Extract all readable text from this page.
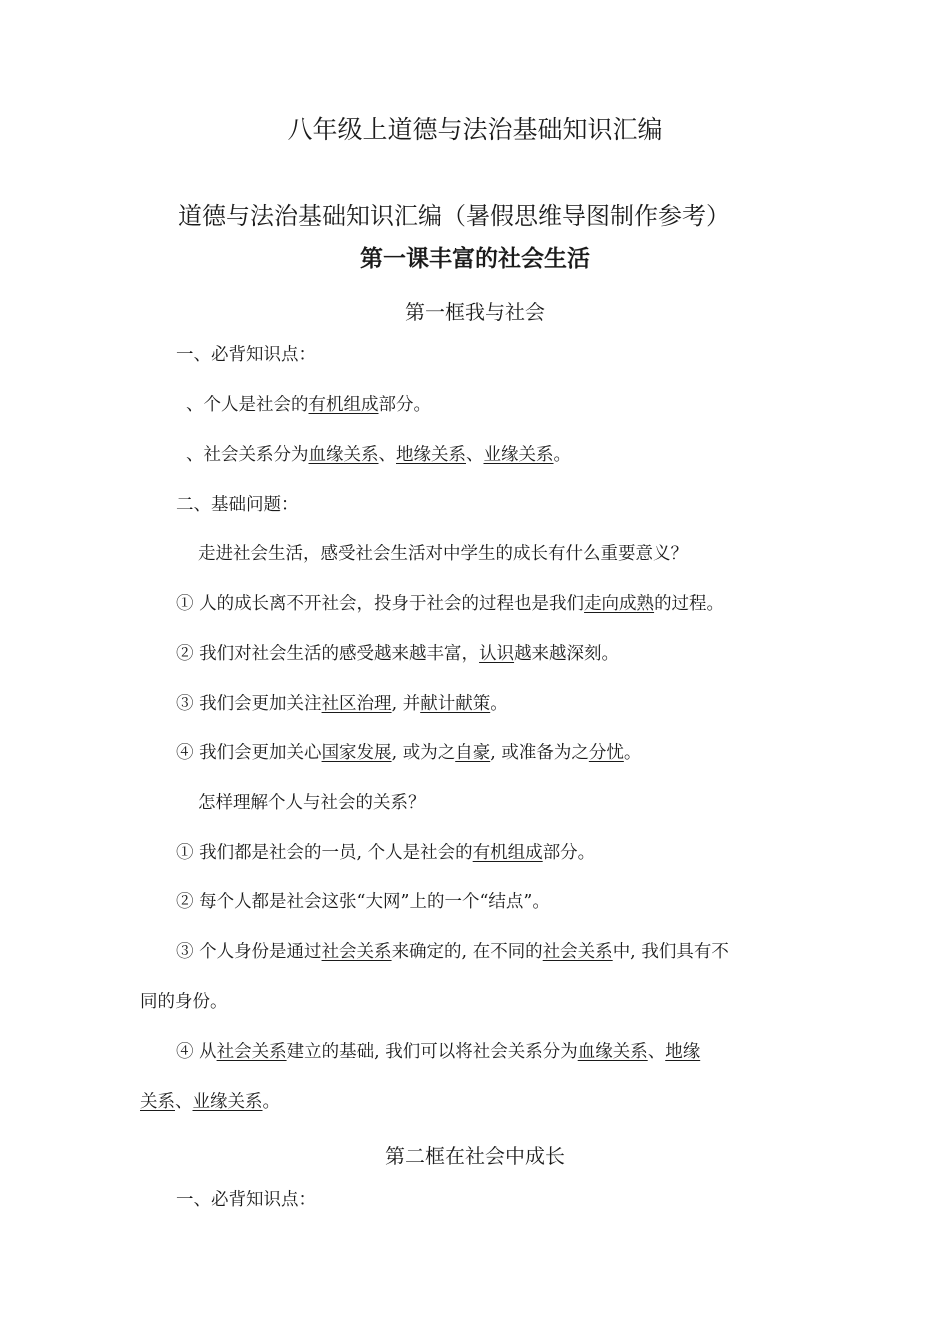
八年级上道德与法治基础知识汇编
道德与法治基础知识汇编（暑假思维导图制作参考）
第一课丰富的社会生活
第一框我与社会
一、必背知识点：
、个人是社会的有机组成部分。
、社会关系分为血缘关系、地缘关系、业缘关系。
二、基础问题：
走进社会生活，感受社会生活对中学生的成长有什么重要意义？
① 人的成长离不开社会，投身于社会的过程也是我们走向成熟的过程。
② 我们对社会生活的感受越来越丰富，认识越来越深刻。
③ 我们会更加关注社区治理, 并献计献策。
④ 我们会更加关心国家发展, 或为之自豪, 或准备为之分忧。
怎样理解个人与社会的关系？
① 我们都是社会的一员, 个人是社会的有机组成部分。
② 每个人都是社会这张“大网”上的一个“结点”。
③ 个人身份是通过社会关系来确定的, 在不同的社会关系中, 我们具有不
同的身份。
④ 从社会关系建立的基础, 我们可以将社会关系分为血缘关系、地缘
关系、业缘关系。
第二框在社会中成长
一、必背知识点：
